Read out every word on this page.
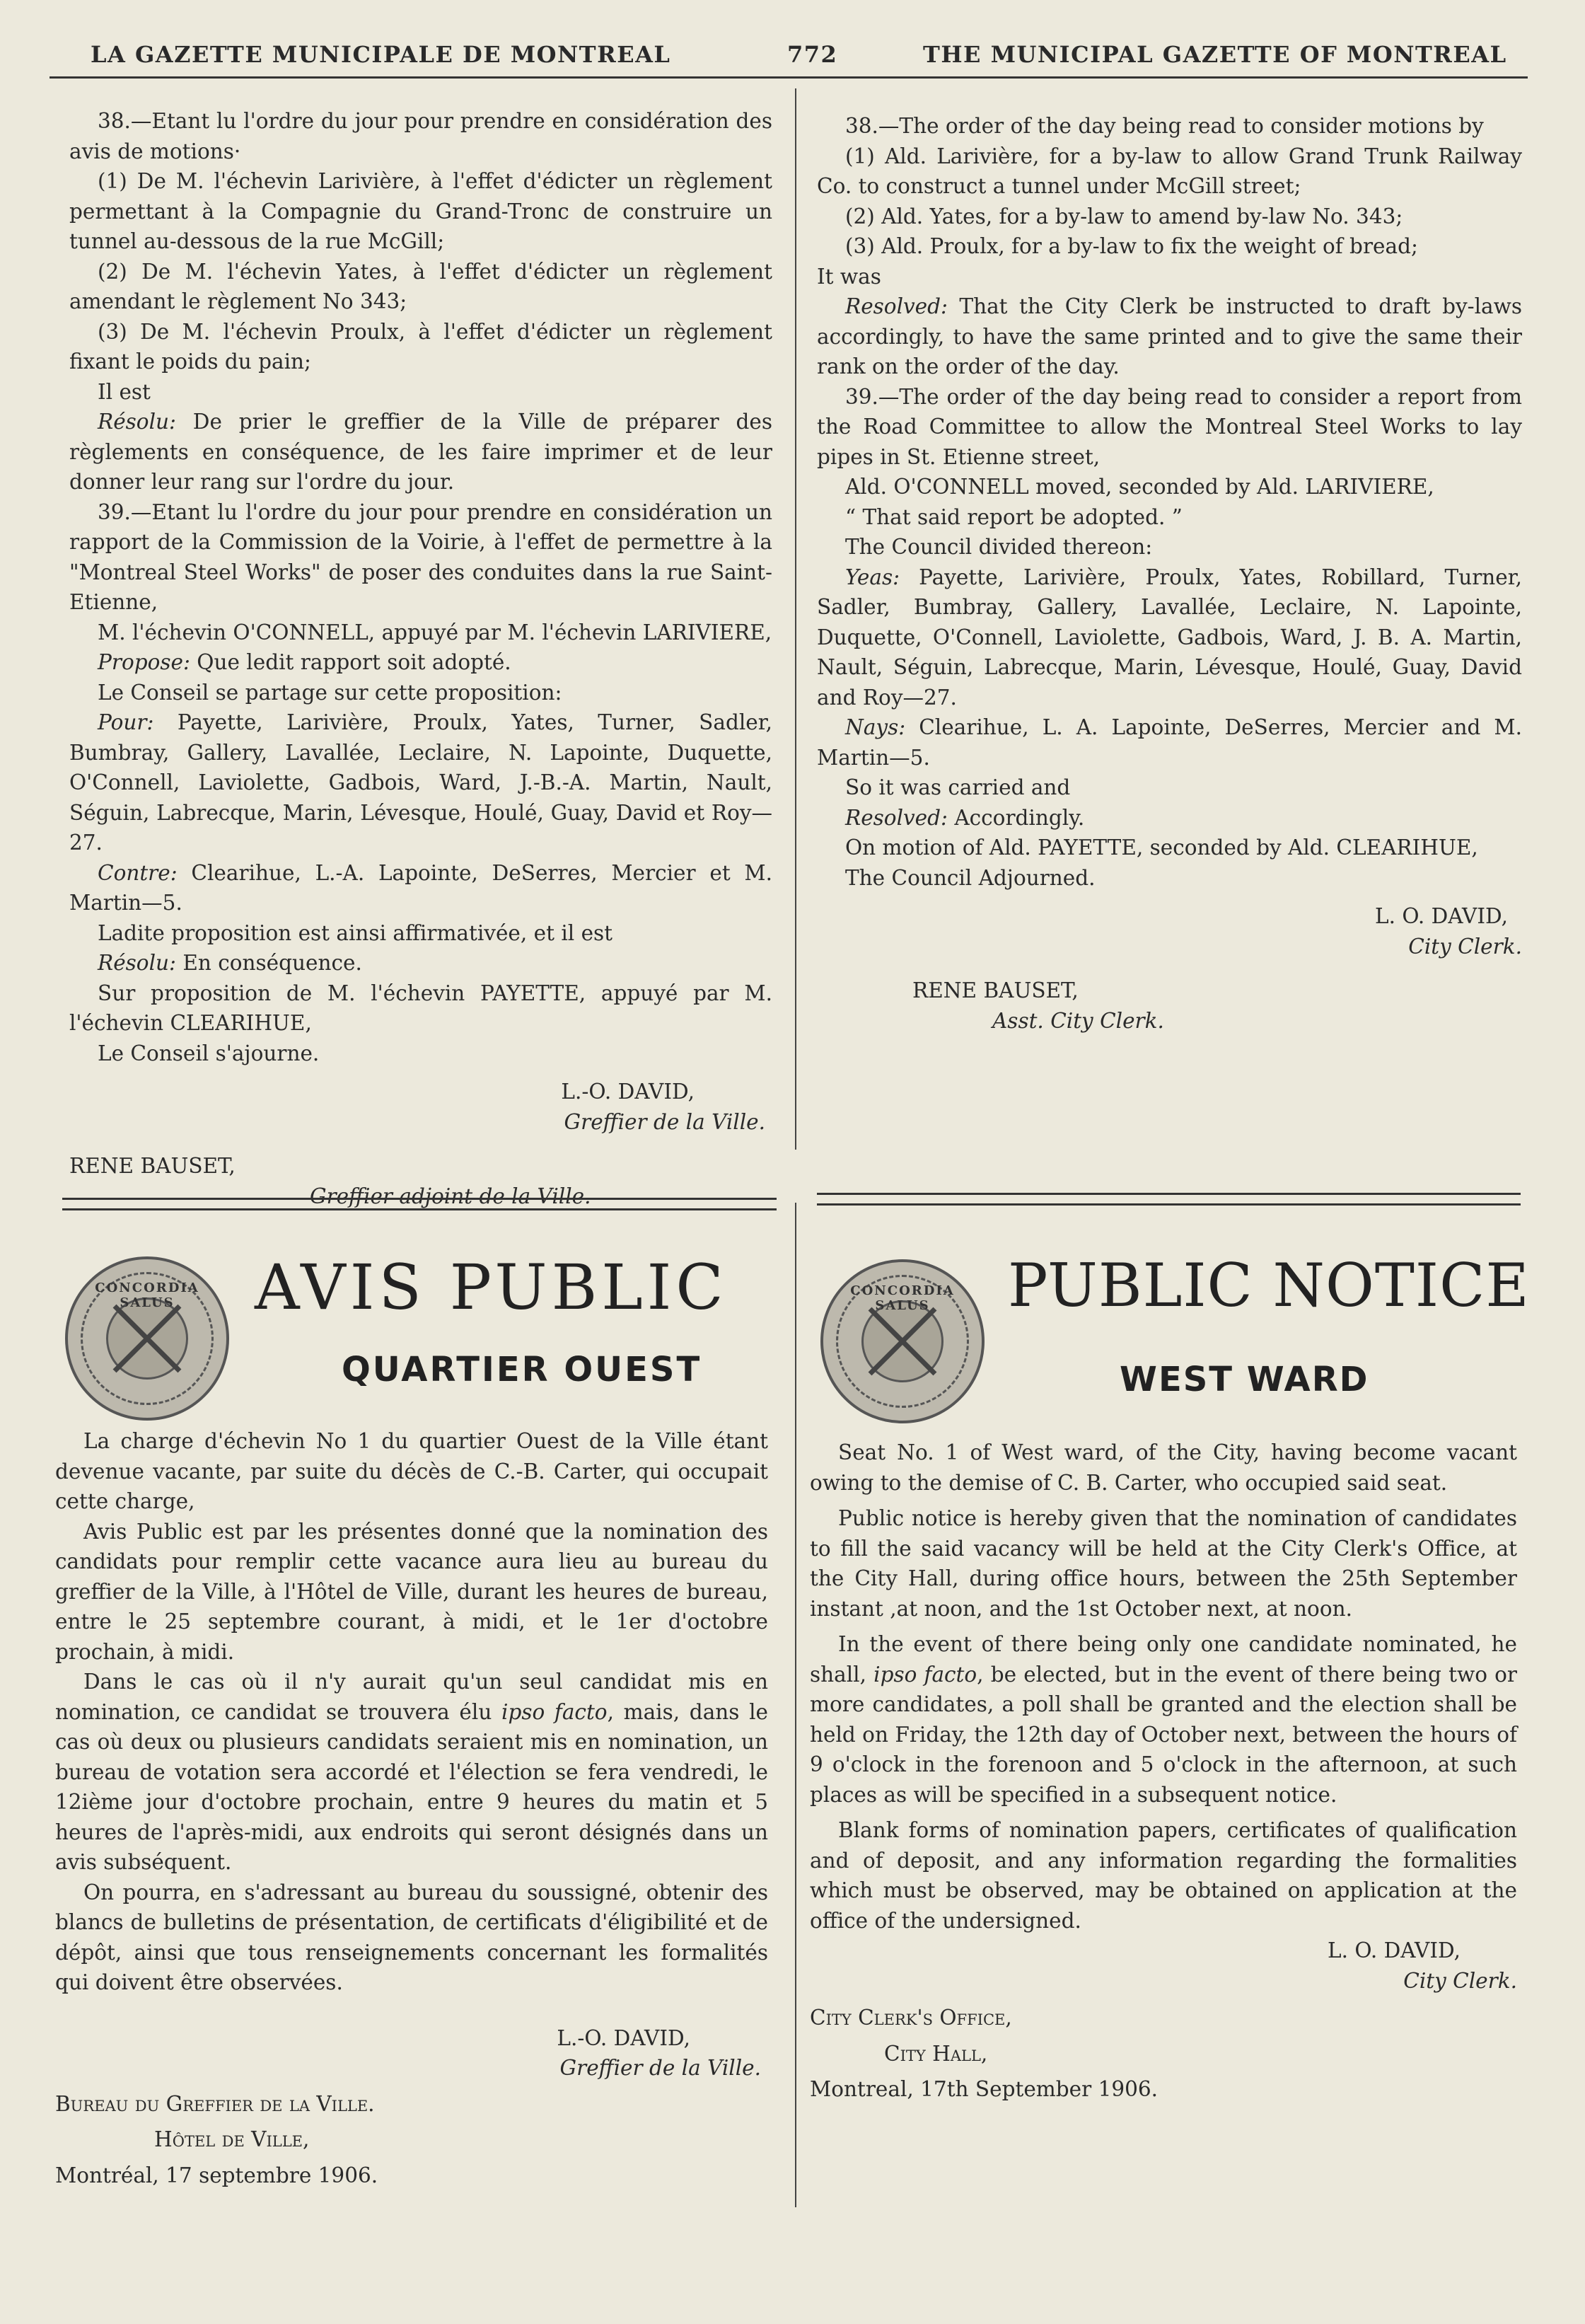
LA GAZETTE MUNICIPALE DE MONTREAL	772	THE MUNICIPAL GAZETTE OF MONTREAL

38.—Etant lu l'ordre du jour pour prendre en considération des avis de motions·

(1) De M. l'échevin Larivière, à l'effet d'édicter un règlement permettant à la Compagnie du Grand-Tronc de construire un tunnel au-dessous de la rue McGill;

(2) De M. l'échevin Yates, à l'effet d'édicter un règlement amendant le règlement No 343;

(3) De M. l'échevin Proulx, à l'effet d'édicter un règlement fixant le poids du pain;

Il est

Résolu: De prier le greffier de la Ville de préparer des règlements en conséquence, de les faire imprimer et de leur donner leur rang sur l'ordre du jour.

39.—Etant lu l'ordre du jour pour prendre en considération un rapport de la Commission de la Voirie, à l'effet de permettre à la "Montreal Steel Works" de poser des conduites dans la rue Saint-Etienne,

M. l'échevin O'CONNELL, appuyé par M. l'échevin LARIVIERE,

Propose: Que ledit rapport soit adopté.

Le Conseil se partage sur cette proposition:

Pour: Payette, Larivière, Proulx, Yates, Turner, Sadler, Bumbray, Gallery, Lavallée, Leclaire, N. Lapointe, Duquette, O'Connell, Laviolette, Gadbois, Ward, J.-B.-A. Martin, Nault, Séguin, Labrecque, Marin, Lévesque, Houlé, Guay, David et Roy—27.

Contre: Clearihue, L.-A. Lapointe, DeSerres, Mercier et M. Martin—5.

Ladite proposition est ainsi affirmativée, et il est

Résolu: En conséquence.

Sur proposition de M. l'échevin PAYETTE, appuyé par M. l'échevin CLEARIHUE,

Le Conseil s'ajourne.

L.-O. DAVID,

Greffier de la Ville.

RENE BAUSET,

Greffier adjoint de la Ville.

38.—The order of the day being read to consider motions by

(1) Ald. Larivière, for a by-law to allow Grand Trunk Railway Co. to construct a tunnel under McGill street;

(2) Ald. Yates, for a by-law to amend by-law No. 343;

(3) Ald. Proulx, for a by-law to fix the weight of bread;

It was

Resolved: That the City Clerk be instructed to draft by-laws accordingly, to have the same printed and to give the same their rank on the order of the day.

39.—The order of the day being read to consider a report from the Road Committee to allow the Montreal Steel Works to lay pipes in St. Etienne street,

Ald. O'CONNELL moved, seconded by Ald. LARIVIERE,

“ That said report be adopted. ”

The Council divided thereon:

Yeas: Payette, Larivière, Proulx, Yates, Robillard, Turner, Sadler, Bumbray, Gallery, Lavallée, Leclaire, N. Lapointe, Duquette, O'Connell, Laviolette, Gadbois, Ward, J. B. A. Martin, Nault, Séguin, Labrecque, Marin, Lévesque, Houlé, Guay, David and Roy—27.

Nays: Clearihue, L. A. Lapointe, DeSerres, Mercier and M. Martin—5.

So it was carried and

Resolved: Accordingly.

On motion of Ald. PAYETTE, seconded by Ald. CLEARIHUE,

The Council Adjourned.

L. O. DAVID,

City Clerk.

RENE BAUSET,

Asst. City Clerk.

CONCORDIA SALUS	AVIS PUBLIC
QUARTIER OUEST

La charge d'échevin No 1 du quartier Ouest de la Ville étant devenue vacante, par suite du décès de C.-B. Carter, qui occupait cette charge,

Avis Public est par les présentes donné que la nomination des candidats pour remplir cette vacance aura lieu au bureau du greffier de la Ville, à l'Hôtel de Ville, durant les heures de bureau, entre le 25 septembre courant, à midi, et le 1er d'octobre prochain, à midi.

Dans le cas où il n'y aurait qu'un seul candidat mis en nomination, ce candidat se trouvera élu ipso facto, mais, dans le cas où deux ou plusieurs candidats seraient mis en nomination, un bureau de votation sera accordé et l'élection se fera vendredi, le 12ième jour d'octobre prochain, entre 9 heures du matin et 5 heures de l'après-midi, aux endroits qui seront désignés dans un avis subséquent.

On pourra, en s'adressant au bureau du soussigné, obtenir des blancs de bulletins de présentation, de certificats d'éligibilité et de dépôt, ainsi que tous renseignements concernant les formalités qui doivent être observées.

L.-O. DAVID,

Greffier de la Ville.

Bureau du Greffier de la Ville.

Hôtel de Ville,

Montréal, 17 septembre 1906.

CONCORDIA SALUS	PUBLIC NOTICE
WEST WARD

Seat No. 1 of West ward, of the City, having become vacant owing to the demise of C. B. Carter, who occupied said seat.

Public notice is hereby given that the nomination of candidates to fill the said vacancy will be held at the City Clerk's Office, at the City Hall, during office hours, between the 25th September instant ,at noon, and the 1st October next, at noon.

In the event of there being only one candidate nominated, he shall, ipso facto, be elected, but in the event of there being two or more candidates, a poll shall be granted and the election shall be held on Friday, the 12th day of October next, between the hours of 9 o'clock in the forenoon and 5 o'clock in the afternoon, at such places as will be specified in a subsequent notice.

Blank forms of nomination papers, certificates of qualification and of deposit, and any information regarding the formalities which must be observed, may be obtained on application at the office of the undersigned.

L. O. DAVID,

City Clerk.

City Clerk's Office,

City Hall,

Montreal, 17th September 1906.
